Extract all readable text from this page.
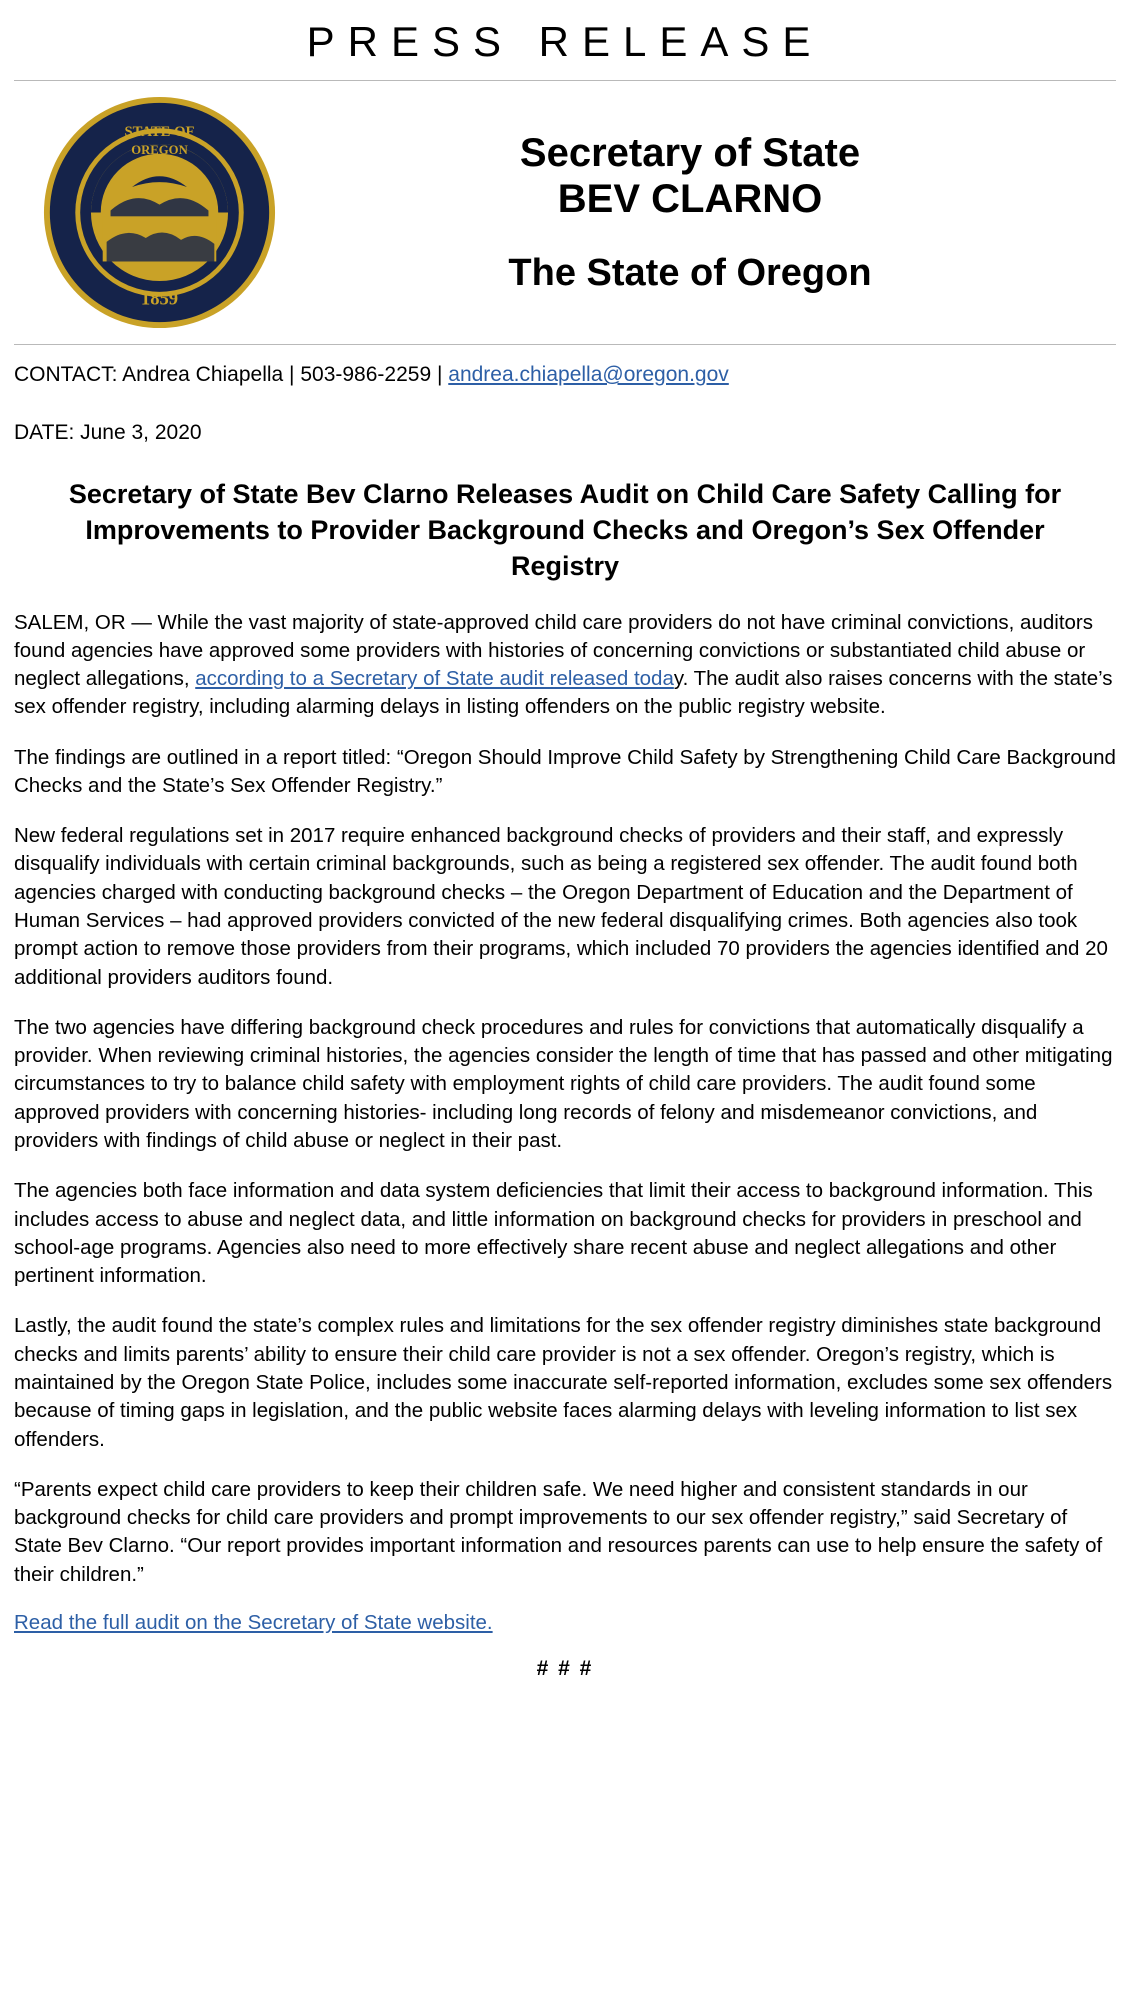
PRESS RELEASE
STATE OF
OREGON
1859
Secretary of State
BEV CLARNO
The State of Oregon
CONTACT: Andrea Chiapella | 503-986-2259 | andrea.chiapella@oregon.gov
DATE: June 3, 2020
Secretary of State Bev Clarno Releases Audit on Child Care Safety Calling for Improvements to Provider Background Checks and Oregon’s Sex Offender Registry

SALEM, OR — While the vast majority of state-approved child care providers do not have criminal convictions, auditors found agencies have approved some providers with histories of concerning convictions or substantiated child abuse or neglect allegations, according to a Secretary of State audit released today. The audit also raises concerns with the state’s sex offender registry, including alarming delays in listing offenders on the public registry website.

The findings are outlined in a report titled: “Oregon Should Improve Child Safety by Strengthening Child Care Background Checks and the State’s Sex Offender Registry.”

New federal regulations set in 2017 require enhanced background checks of providers and their staff, and expressly disqualify individuals with certain criminal backgrounds, such as being a registered sex offender. The audit found both agencies charged with conducting background checks – the Oregon Department of Education and the Department of Human Services – had approved providers convicted of the new federal disqualifying crimes. Both agencies also took prompt action to remove those providers from their programs, which included 70 providers the agencies identified and 20 additional providers auditors found.

The two agencies have differing background check procedures and rules for convictions that automatically disqualify a provider. When reviewing criminal histories, the agencies consider the length of time that has passed and other mitigating circumstances to try to balance child safety with employment rights of child care providers. The audit found some approved providers with concerning histories- including long records of felony and misdemeanor convictions, and providers with findings of child abuse or neglect in their past.

The agencies both face information and data system deficiencies that limit their access to background information. This includes access to abuse and neglect data, and little information on background checks for providers in preschool and school-age programs. Agencies also need to more effectively share recent abuse and neglect allegations and other pertinent information.

Lastly, the audit found the state’s complex rules and limitations for the sex offender registry diminishes state background checks and limits parents’ ability to ensure their child care provider is not a sex offender. Oregon’s registry, which is maintained by the Oregon State Police, includes some inaccurate self-reported information, excludes some sex offenders because of timing gaps in legislation, and the public website faces alarming delays with leveling information to list sex offenders.

“Parents expect child care providers to keep their children safe. We need higher and consistent standards in our background checks for child care providers and prompt improvements to our sex offender registry,” said Secretary of State Bev Clarno. “Our report provides important information and resources parents can use to help ensure the safety of their children.”

Read the full audit on the Secretary of State website.
# # #
